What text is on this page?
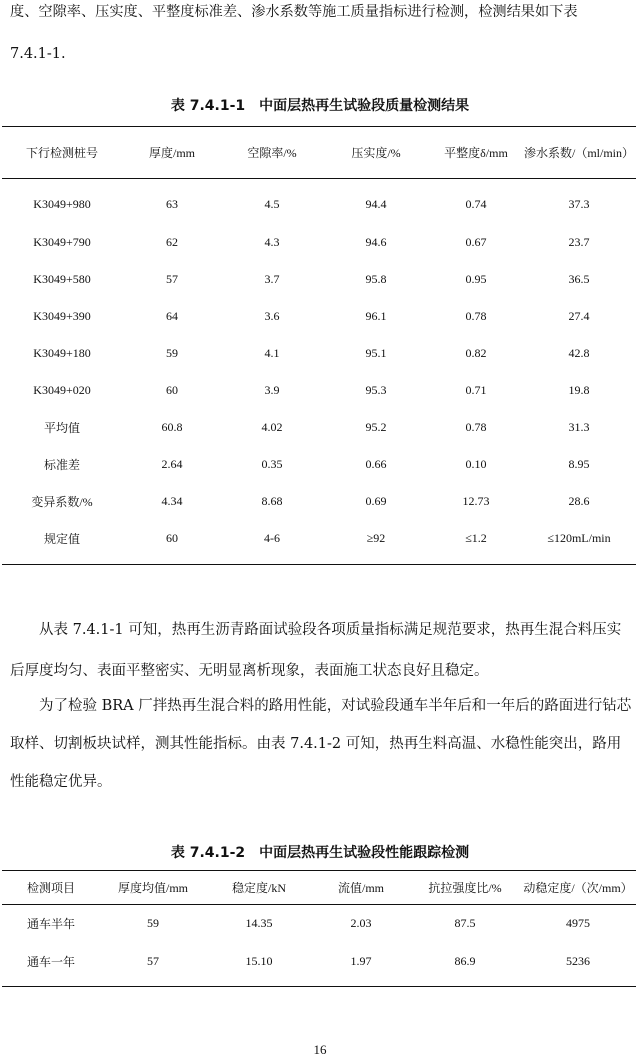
度、空隙率、压实度、平整度标准差、渗水系数等施工质量指标进行检测，检测结果如下表

7.4.1-1.

表 7.4.1-1　中面层热再生试验段质量检测结果
下行检测桩号	厚度/mm	空隙率/%	压实度/%	平整度δ/mm	渗水系数/（ml/min）
K3049+980	63	4.5	94.4	0.74	37.3
K3049+790	62	4.3	94.6	0.67	23.7
K3049+580	57	3.7	95.8	0.95	36.5
K3049+390	64	3.6	96.1	0.78	27.4
K3049+180	59	4.1	95.1	0.82	42.8
K3049+020	60	3.9	95.3	0.71	19.8
平均值	60.8	4.02	95.2	0.78	31.3
标准差	2.64	0.35	0.66	0.10	8.95
变异系数/%	4.34	8.68	0.69	12.73	28.6
规定值	60	4-6	≥92	≤1.2	≤120mL/min

从表 7.4.1-1 可知，热再生沥青路面试验段各项质量指标满足规范要求，热再生混合料压实后厚度均匀、表面平整密实、无明显离析现象，表面施工状态良好且稳定。

为了检验 BRA 厂拌热再生混合料的路用性能，对试验段通车半年后和一年后的路面进行钻芯取样、切割板块试样，测其性能指标。由表 7.4.1-2 可知，热再生料高温、水稳性能突出，路用性能稳定优异。

表 7.4.1-2　中面层热再生试验段性能跟踪检测
检测项目	厚度均值/mm	稳定度/kN	流值/mm	抗拉强度比/%	动稳定度/（次/mm）
通车半年	59	14.35	2.03	87.5	4975
通车一年	57	15.10	1.97	86.9	5236
16
